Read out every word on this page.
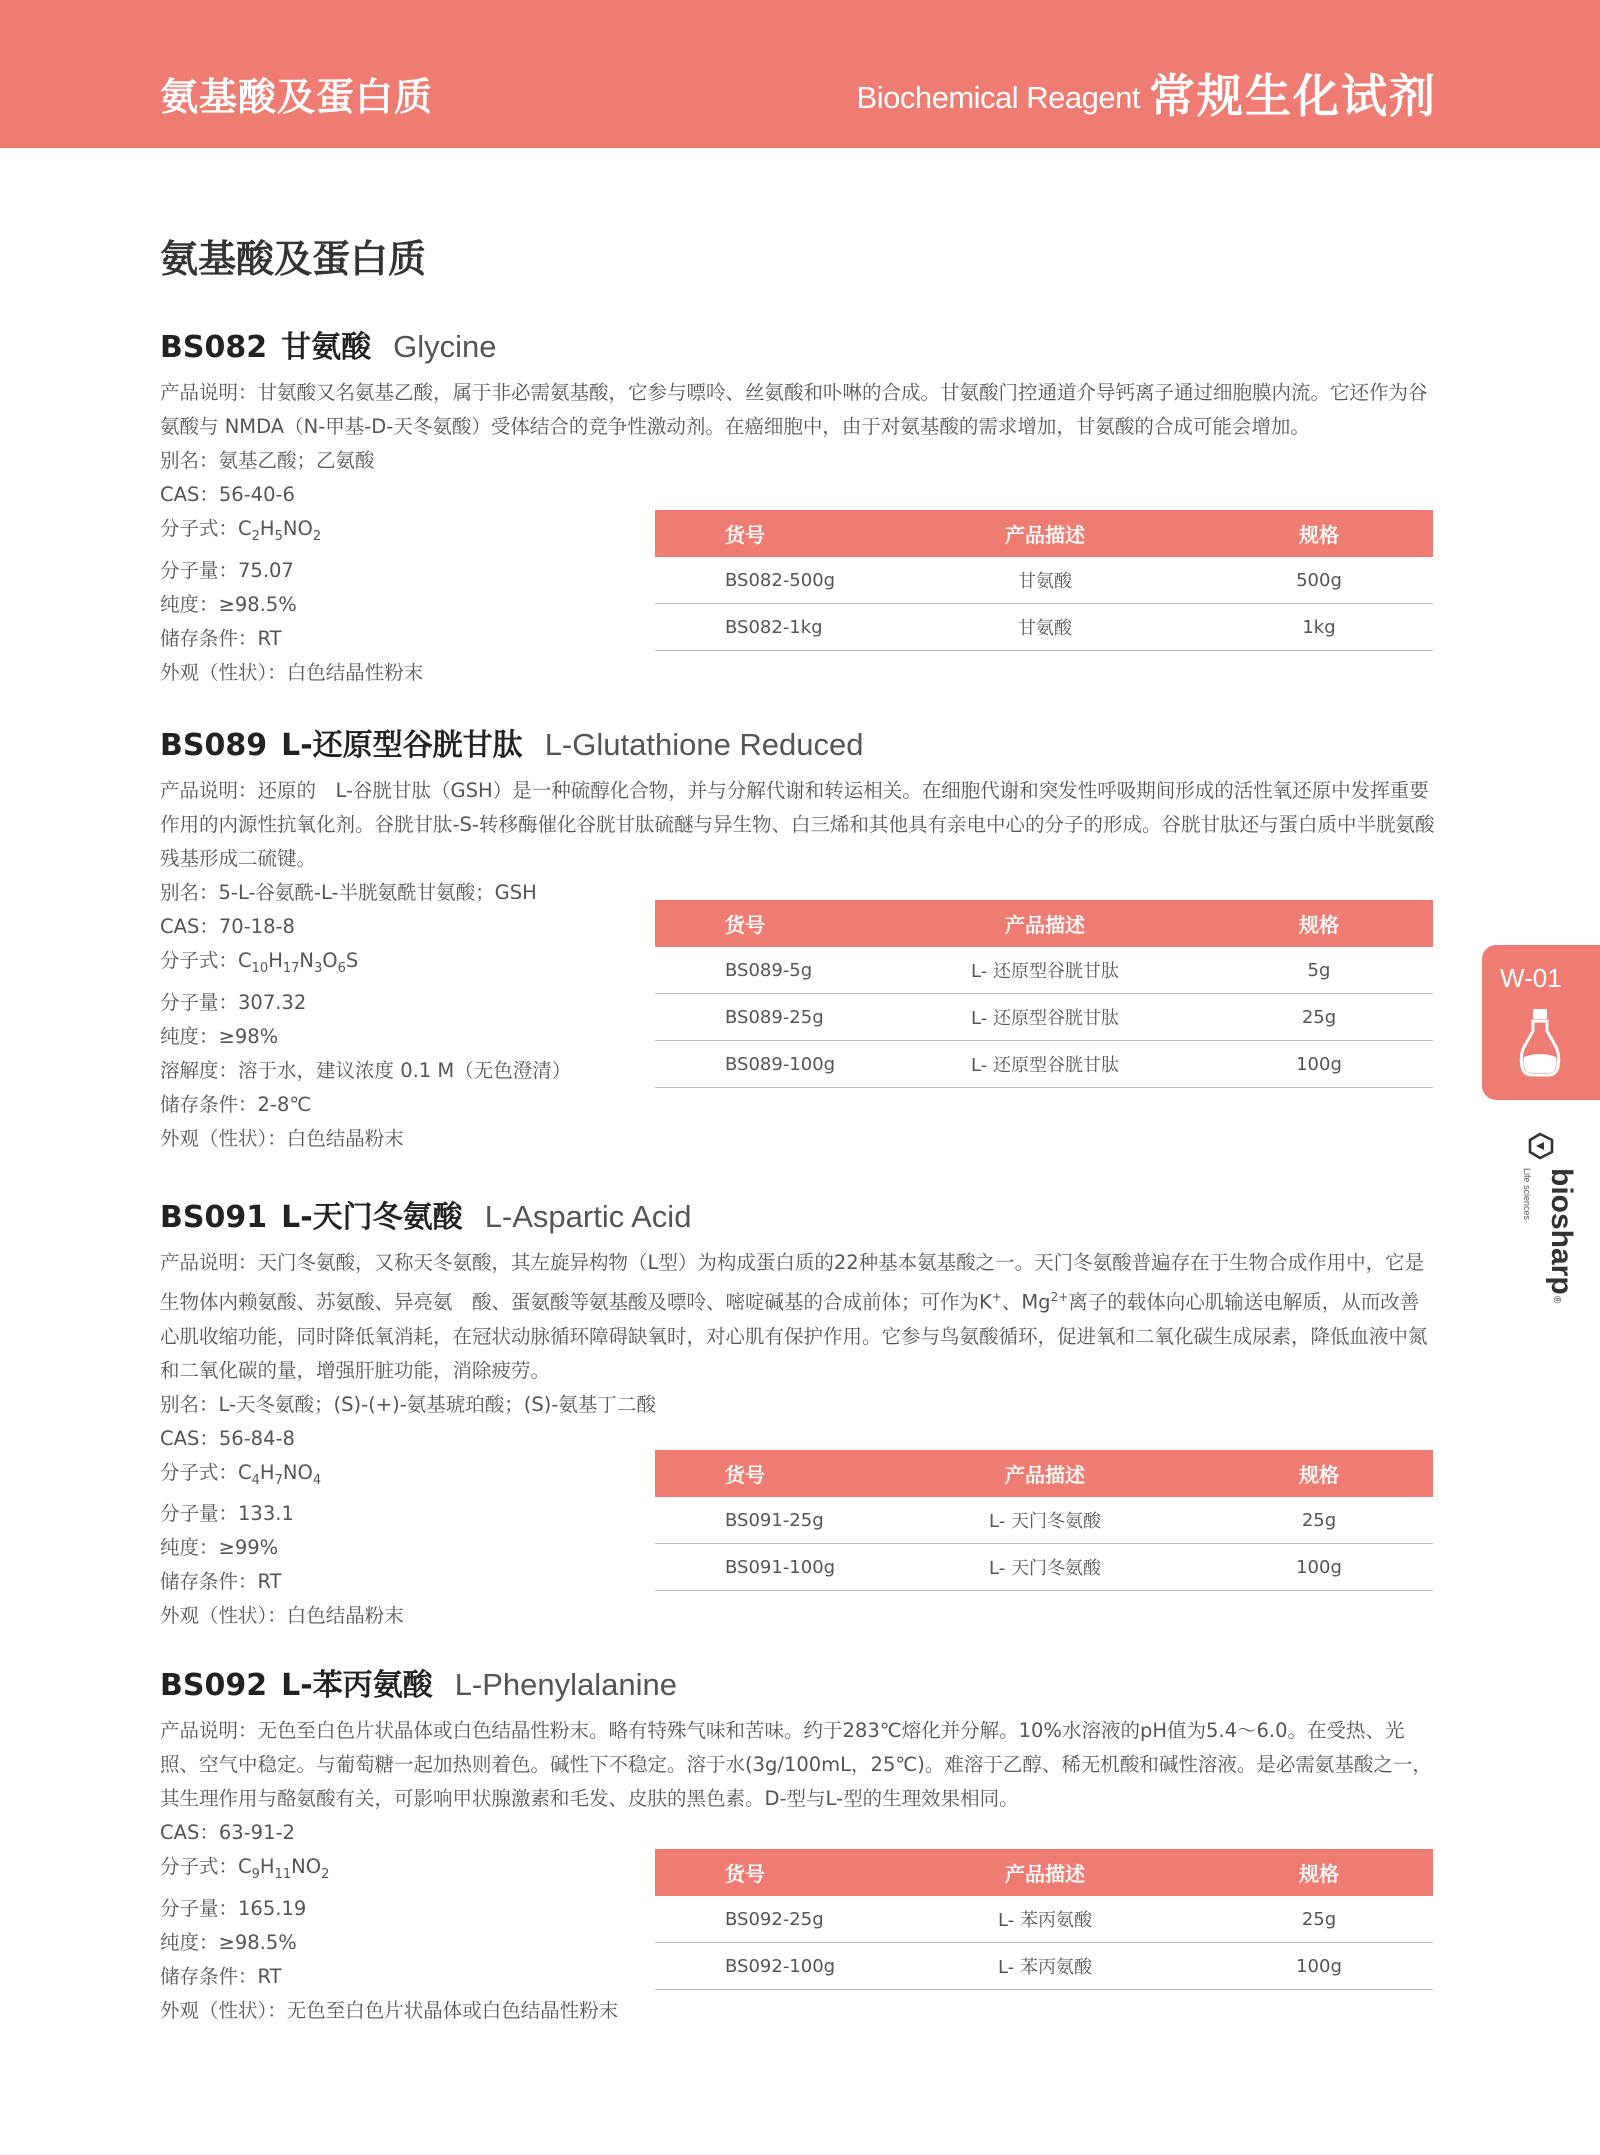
氨基酸及蛋白质	Biochemical Reagent 常规生化试剂
氨基酸及蛋白质
BS082 甘氨酸 Glycine
产品说明：甘氨酸又名氨基乙酸，属于非必需氨基酸，它参与嘌呤、丝氨酸和卟啉的合成。甘氨酸门控通道介导钙离子通过细胞膜内流。它还作为谷氨酸与 NMDA（N-甲基-D-天冬氨酸）受体结合的竞争性激动剂。在癌细胞中，由于对氨基酸的需求增加，甘氨酸的合成可能会增加。
别名：氨基乙酸；乙氨酸
CAS：56-40-6
分子式：$C_2H_5NO_2$
分子量：75.07
纯度：≥98.5%
储存条件：RT
外观（性状）：白色结晶性粉末
货号	产品描述	规格
BS082-500g	甘氨酸	500g
BS082-1kg	甘氨酸	1kg
BS089 L-还原型谷胱甘肽 L-Glutathione Reduced
产品说明：还原的　L-谷胱甘肽（GSH）是一种硫醇化合物，并与分解代谢和转运相关。在细胞代谢和突发性呼吸期间形成的活性氧还原中发挥重要作用的内源性抗氧化剂。谷胱甘肽-S-转移酶催化谷胱甘肽硫醚与异生物、白三烯和其他具有亲电中心的分子的形成。谷胱甘肽还与蛋白质中半胱氨酸残基形成二硫键。
别名：5-L-谷氨酰-L-半胱氨酰甘氨酸；GSH
CAS：70-18-8
分子式：$C_{10}H_{17}N_3O_6S$
分子量：307.32
纯度：≥98%
溶解度：溶于水，建议浓度 0.1 M（无色澄清）
储存条件：2-8℃
外观（性状）：白色结晶粉末
货号	产品描述	规格
BS089-5g	L- 还原型谷胱甘肽	5g
BS089-25g	L- 还原型谷胱甘肽	25g
BS089-100g	L- 还原型谷胱甘肽	100g
BS091 L-天门冬氨酸 L-Aspartic Acid
产品说明：天门冬氨酸，又称天冬氨酸，其左旋异构物（L型）为构成蛋白质的22种基本氨基酸之一。天门冬氨酸普遍存在于生物合成作用中，它是生物体内赖氨酸、苏氨酸、异亮氨　酸、蛋氨酸等氨基酸及嘌呤、嘧啶碱基的合成前体；可作为K+、$Mg^{2+}$离子的载体向心肌输送电解质，从而改善心肌收缩功能，同时降低氧消耗，在冠状动脉循环障碍缺氧时，对心肌有保护作用。它参与鸟氨酸循环，促进氧和二氧化碳生成尿素，降低血液中氮和二氧化碳的量，增强肝脏功能，消除疲劳。
别名：L-天冬氨酸；(S)-(+)-氨基琥珀酸；(S)-氨基丁二酸
CAS：56-84-8
分子式：$C_4H_7NO_4$
分子量：133.1
纯度：≥99%
储存条件：RT
外观（性状）：白色结晶粉末
货号	产品描述	规格
BS091-25g	L- 天门冬氨酸	25g
BS091-100g	L- 天门冬氨酸	100g
BS092 L-苯丙氨酸 L-Phenylalanine
产品说明：无色至白色片状晶体或白色结晶性粉末。略有特殊气味和苦味。约于283℃熔化并分解。10%水溶液的pH值为5.4～6.0。在受热、光照、空气中稳定。与葡萄糖一起加热则着色。碱性下不稳定。溶于水(3g/100mL，25℃)。难溶于乙醇、稀无机酸和碱性溶液。是必需氨基酸之一，其生理作用与酪氨酸有关，可影响甲状腺激素和毛发、皮肤的黑色素。D-型与L-型的生理效果相同。
CAS：63-91-2
分子式：$C_9H_{11}NO_2$
分子量：165.19
纯度：≥98.5%
储存条件：RT
外观（性状）：无色至白色片状晶体或白色结晶性粉末
货号	产品描述	规格
BS092-25g	L- 苯丙氨酸	25g
BS092-100g	L- 苯丙氨酸	100g
W-01
biosharp
Life sciences
®
